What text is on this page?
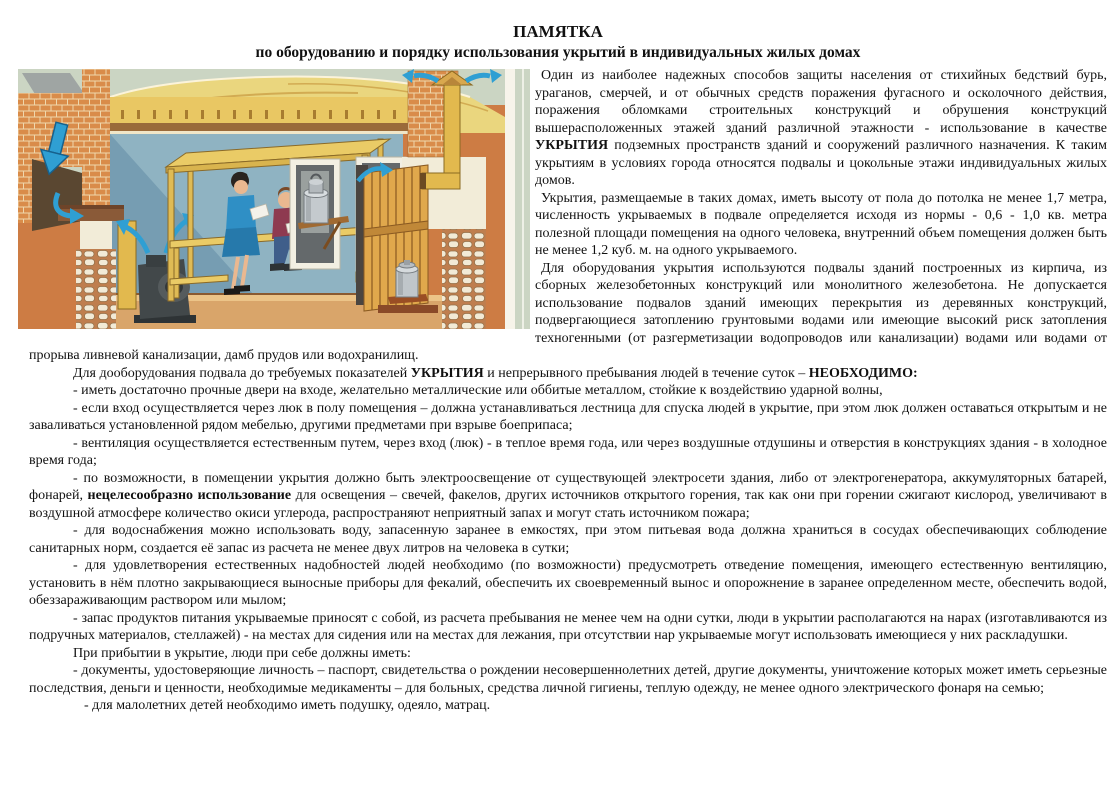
ПАМЯТКА
по оборудованию и порядку использования укрытий в индивидуальных жилых домах

Один из наиболее надежных способов защиты населения от стихийных бедствий бурь, ураганов, смерчей, и от обычных средств поражения фугасного и осколочного действия, поражения обломками строительных конструкций и обрушения конструкций вышерасположенных этажей зданий различной этажности - использование в качестве УКРЫТИЯ подземных пространств зданий и сооружений различного назначения. К таким укрытиям в условиях города относятся подвалы и цокольные этажи индивидуальных жилых домов.

Укрытия, размещаемые в таких домах, иметь высоту от пола до потолка не менее 1,7 метра, численность укрываемых в подвале определяется исходя из нормы - 0,6 - 1,0 кв. метра полезной площади помещения на одного человека, внутренний объем помещения должен быть не менее 1,2 куб. м. на одного укрываемого.

Для оборудования укрытия используются подвалы зданий построенных из кирпича, из сборных железобетонных конструкций или монолитного железобетона. Не допускается использование подвалов зданий имеющих перекрытия из деревянных конструкций, подвергающиеся затоплению грунтовыми водами или имеющие высокий риск затопления техногенными (от разгерметизации водопроводов или канализации) водами или водами от прорыва ливневой канализации, дамб прудов или водохранилищ.

Для дооборудования подвала до требуемых показателей УКРЫТИЯ и непрерывного пребывания людей в течение суток – НЕОБХОДИМО:

- иметь достаточно прочные двери на входе, желательно металлические или оббитые металлом, стойкие к воздействию ударной волны,

- если вход осуществляется через люк в полу помещения – должна устанавливаться лестница для спуска людей в укрытие, при этом люк должен оставаться открытым и не заваливаться установленной рядом мебелью, другими предметами при взрыве боеприпаса;

- вентиляция осуществляется естественным путем, через вход (люк) - в теплое время года, или через воздушные отдушины и отверстия в конструкциях здания - в холодное время года;

- по возможности, в помещении укрытия должно быть электроосвещение от существующей электросети здания, либо от электрогенератора, аккумуляторных батарей, фонарей, нецелесообразно использование для освещения – свечей, факелов, других источников открытого горения, так как они при горении сжигают кислород, увеличивают в воздушной атмосфере количество окиси углерода, распространяют неприятный запах и могут стать источником пожара;

- для водоснабжения можно использовать воду, запасенную заранее в емкостях, при этом питьевая вода должна храниться в сосудах обеспечивающих соблюдение санитарных норм, создается её запас из расчета не менее двух литров на человека в сутки;

- для удовлетворения естественных надобностей людей необходимо (по возможности) предусмотреть отведение помещения, имеющего естественную вентиляцию, установить в нём плотно закрывающиеся выносные приборы для фекалий, обеспечить их своевременный вынос и опорожнение в заранее определенном месте, обеспечить водой, обеззараживающим раствором или мылом;

- запас продуктов питания укрываемые приносят с собой, из расчета пребывания не менее чем на одни сутки, люди в укрытии располагаются на нарах (изготавливаются из подручных материалов, стеллажей) - на местах для сидения или на местах для лежания, при отсутствии нар укрываемые могут использовать имеющиеся у них раскладушки.

При прибытии в укрытие, люди при себе должны иметь:

- документы, удостоверяющие личность – паспорт, свидетельства о рождении несовершеннолетних детей, другие документы, уничтожение которых может иметь серьезные последствия, деньги и ценности, необходимые медикаменты – для больных, средства личной гигиены, теплую одежду, не менее одного электрического фонаря на семью;

- для малолетних детей необходимо иметь подушку, одеяло, матрац.
